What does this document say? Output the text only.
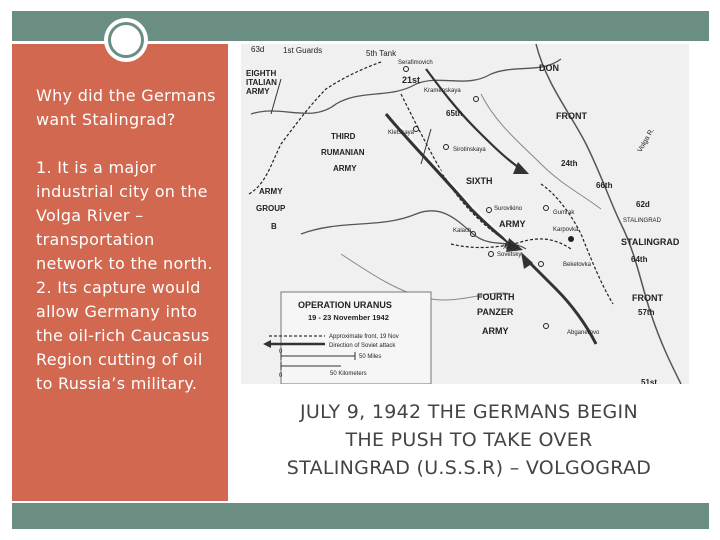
Why did the Germans want Stalingrad?

1. It is a major industrial city on the Volga River – transportation network to the north. 2. Its capture would allow Germany into the oil-rich Caucasus Region cutting of oil to Russia’s military.

63d 1st Guards	5th Tank
Serafimovich
EIGHTH
ITALIAN
ARMY
21st
Kramenskaya
DON
65th	FRONT
Kletskaya
THIRD
RUMANIAN
ARMY
Sirotinskaya
24th
Volga R.
ARMY
GROUP
B
SIXTH	66th
Surovikino
Gumrak
62d
STALINGRAD
ARMY
Kalach	Karpovka
STALINGRAD
XXXX
Sovetsky	64th
Beketovka
OPERATION URANUS
19 - 23 November 1942
Approximate front, 19 Nov
Direction of Soviet attack
50 Miles
50 Kilometers
0
0
FOURTH
PANZER
ARMY
FRONT
57th
Abganerovo
51st

JULY 9, 1942 THE GERMANS BEGIN

THE PUSH TO TAKE OVER

STALINGRAD (U.S.S.R) – VOLGOGRAD
